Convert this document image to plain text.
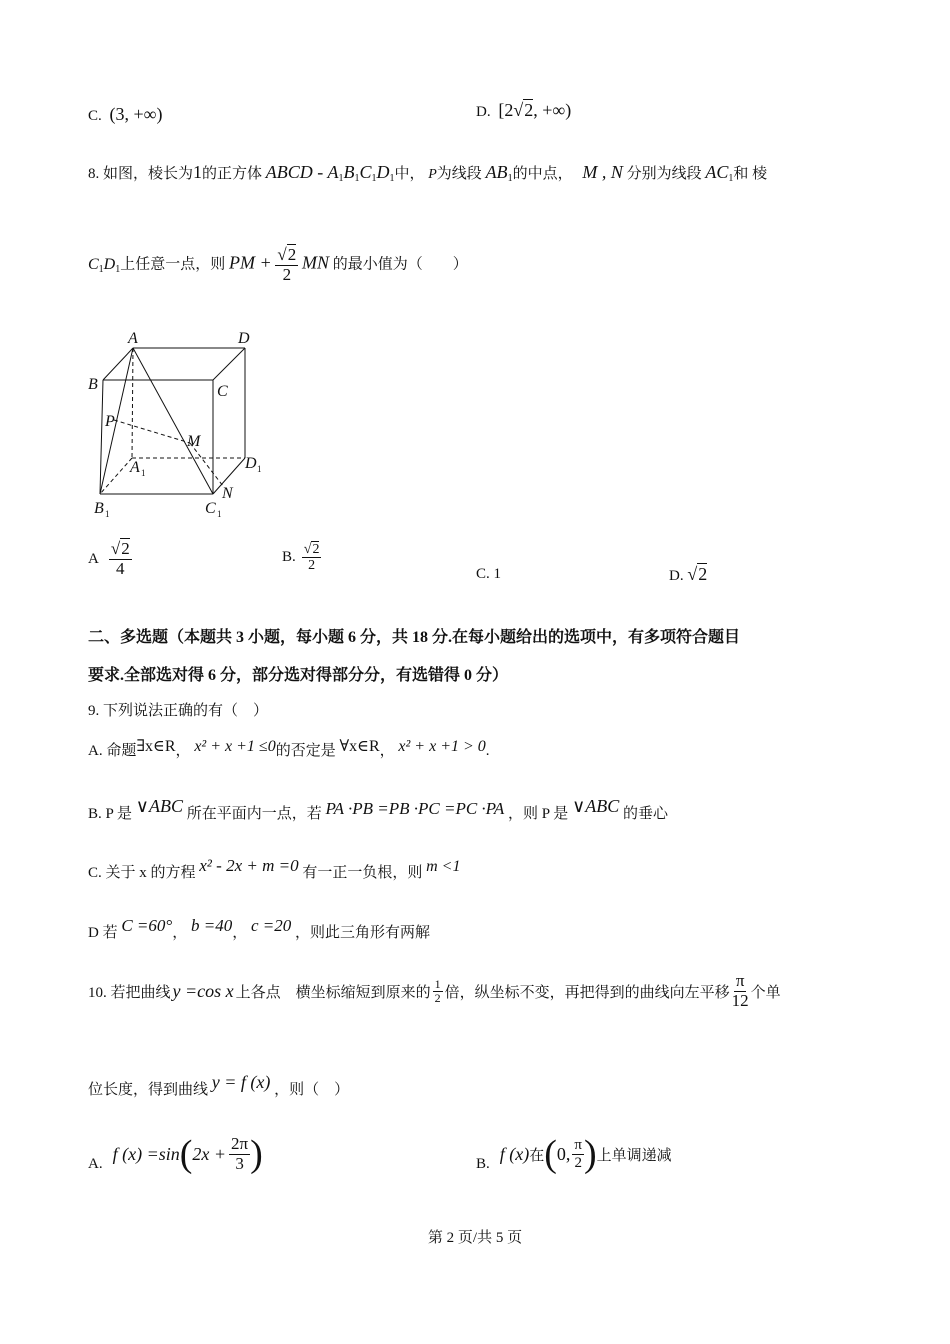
C. (3, +∞)	D. [2√2, +∞)
8. 如图，棱长为1的正方体 ABCD - $A_1B_1C_1D_1$中， P为线段 $AB_1$的中点， M , N 分别为线段 $AC_1$和 棱
$C_1D_1$上任意一点，则 PM + $\frac{√2}{2}$ MN 的最小值为（　　）
A	D
B	C
P
M
A 1
D 1
N
B 1	C 1
A $\frac{√2}{4}$	B. $\frac{√2}{2}$
C. 1	D. √2
二、多选题（本题共 3 小题，每小题 6 分，共 18 分.在每小题给出的选项中，有多项符合题目
要求.全部选对得 6 分，部分选对得部分分，有选错得 0 分）
9. 下列说法正确的有（　）
A. 命题∃x∈R， x² + x +1 ≤0的否定是 ∀x∈R， x² + x +1 > 0.
B. P 是 ∨ABC 所在平面内一点，若 PA ·PB =PB ·PC =PC ·PA ，则 P 是 ∨ABC 的垂心
C. 关于 x 的方程 x² - 2x + m =0 有一正一负根，则 m <1
D 若 C =60°， b =40， c =20 ，则此三角形有两解
10. 若把曲线 y =cos x 上各点　横坐标缩短到原来的 $\frac{1}{2}$ 倍，纵坐标不变，再把得到的曲线向左平移 $\frac{\pi}{12}$ 个单
位长度，得到曲线 y = f (x) ，则（　）
A. f (x) =sin ( $2x + \frac{2\pi}{3}$ )	B. f (x) 在 ( 0, $\frac{\pi}{2}$ ) 上单调递减
第 2 页/共 5 页
